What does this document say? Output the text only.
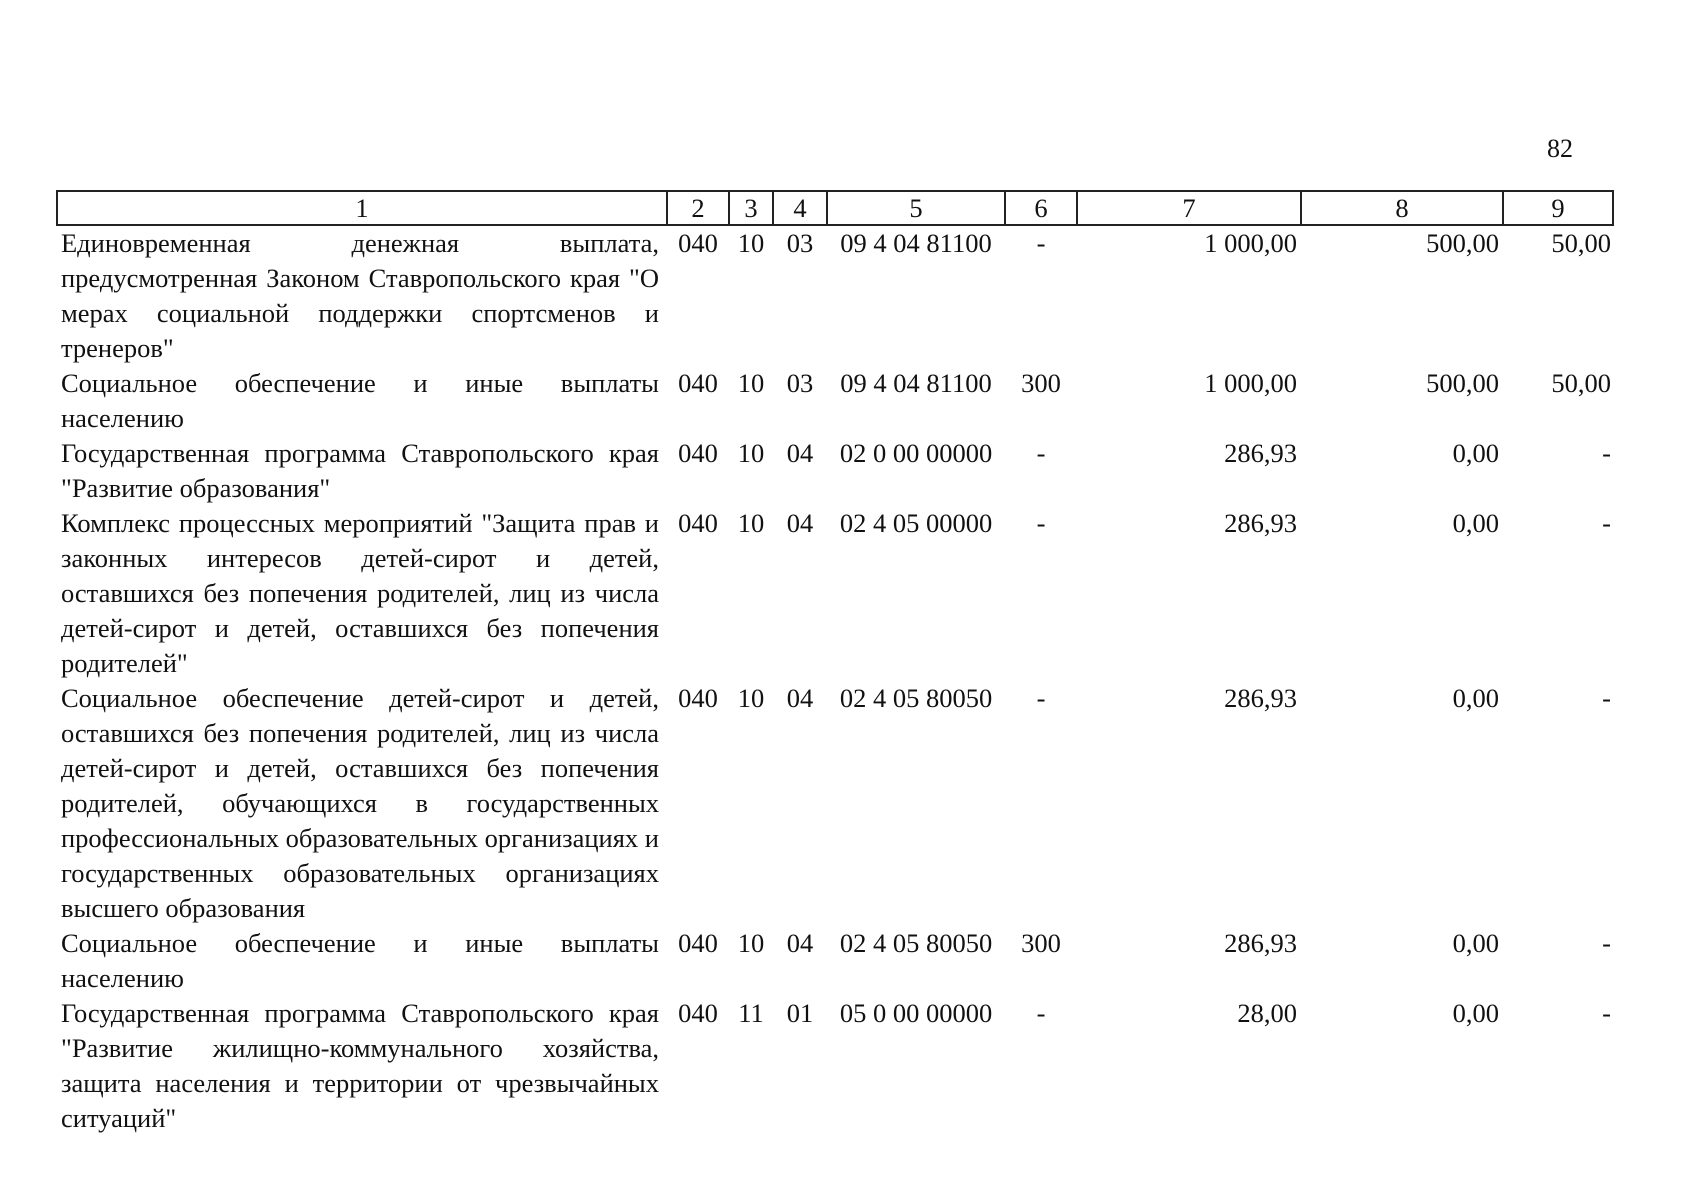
82
1	2	3	4	5	6	7	8	9
Единовременная денежная выплата, предусмотренная Законом Ставропольского края "О мерах социальной поддержки спортсменов и тренеров"	040	10	03	09 4 04 81100	-	1 000,00	500,00	50,00
Социальное обеспечение и иные выплаты населению	040	10	03	09 4 04 81100	300	1 000,00	500,00	50,00
Государственная программа Ставропольского края "Развитие образования"	040	10	04	02 0 00 00000	-	286,93	0,00	-
Комплекс процессных мероприятий "Защита прав и законных интересов детей-сирот и детей, оставшихся без попечения родителей, лиц из числа детей-сирот и детей, оставшихся без попечения родителей"	040	10	04	02 4 05 00000	-	286,93	0,00	-
Социальное обеспечение детей-сирот и детей, оставшихся без попечения родителей, лиц из числа детей-сирот и детей, оставшихся без попечения родителей, обучающихся в государственных профессиональных образовательных организациях и государственных образовательных организациях высшего образования	040	10	04	02 4 05 80050	-	286,93	0,00	-
Социальное обеспечение и иные выплаты населению	040	10	04	02 4 05 80050	300	286,93	0,00	-
Государственная программа Ставропольского края "Развитие жилищно-коммунального хозяйства, защита населения и территории от чрезвычайных ситуаций"	040	11	01	05 0 00 00000	-	28,00	0,00	-
